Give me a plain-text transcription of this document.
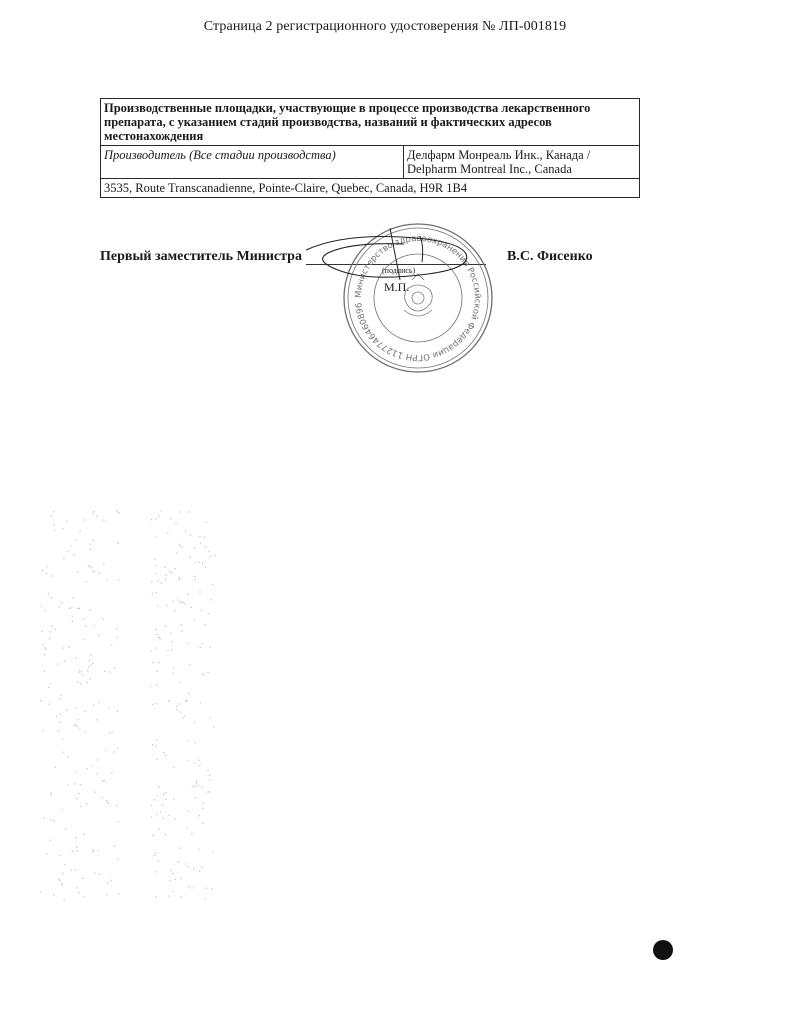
Страница 2 регистрационного удостоверения № ЛП-001819
Производственные площадки, участвующие в процессе производства лекарственного препарата, с указанием стадий производства, названий и фактических адресов местонахождения
Производитель (Все стадии производства)	Делфарм Монреаль Инк., Канада /
Delpharm Montreal Inc., Canada

3535, Route Transcanadienne, Pointe-Claire, Quebec, Canada, H9R 1B4
Первый заместитель Министра
(подпись)
В.С. Фисенко
Министерство здравоохранения Российской Федерации ОГРН 1127746460896
М.П.
